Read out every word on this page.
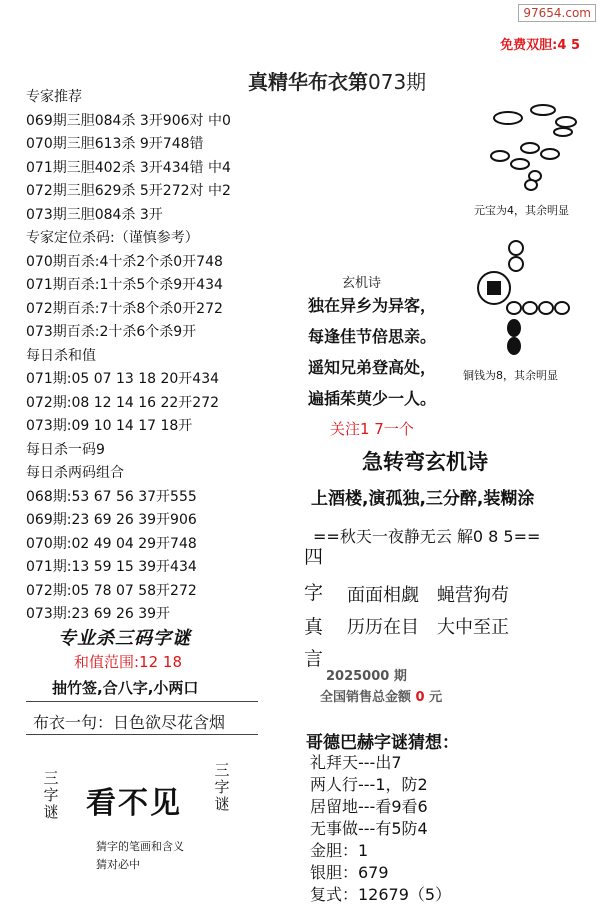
97654.com
免费双胆:4 5
真精华布衣第073期
专家推荐
069期三胆084杀 3开906对 中0
070期三胆613杀 9开748错
071期三胆402杀 3开434错 中4
072期三胆629杀 5开272对 中2
073期三胆084杀 3开
专家定位杀码:（谨慎参考）
070期百杀:4十杀2个杀0开748
071期百杀:1十杀5个杀9开434
072期百杀:7十杀8个杀0开272
073期百杀:2十杀6个杀9开
每日杀和值
071期:05 07 13 18 20开434
072期:08 12 14 16 22开272
073期:09 10 14 17 18开
每日杀一码9
每日杀两码组合
068期:53 67 56 37开555
069期:23 69 26 39开906
070期:02 49 04 29开748
071期:13 59 15 39开434
072期:05 78 07 58开272
073期:23 69 26 39开
专业杀三码字谜
和值范围:12 18
抽竹签,合八字,小两口
布衣一句：日色欲尽花含烟
三字谜 看不见
三字谜
猜字的笔画和含义
猜对必中
元宝为4，其余明显
铜钱为8，其余明显
玄机诗
独在异乡为异客，
每逢佳节倍思亲。
遥知兄弟登高处，
遍插茱萸少一人。
关注1 7一个
急转弯玄机诗
上酒楼,演孤独,三分醉,装糊涂
==秋天一夜静无云 解0 8 5==
四
字
真
言
面面相觑　蝇营狗苟
历历在目　大中至正
2025000 期
全国销售总金额 0 元
哥德巴赫字谜猜想：
礼拜天---出7
两人行---1，防2
居留地---看9看6
无事做---有5防4
金胆：1
银胆：679
复式：12679（5）
